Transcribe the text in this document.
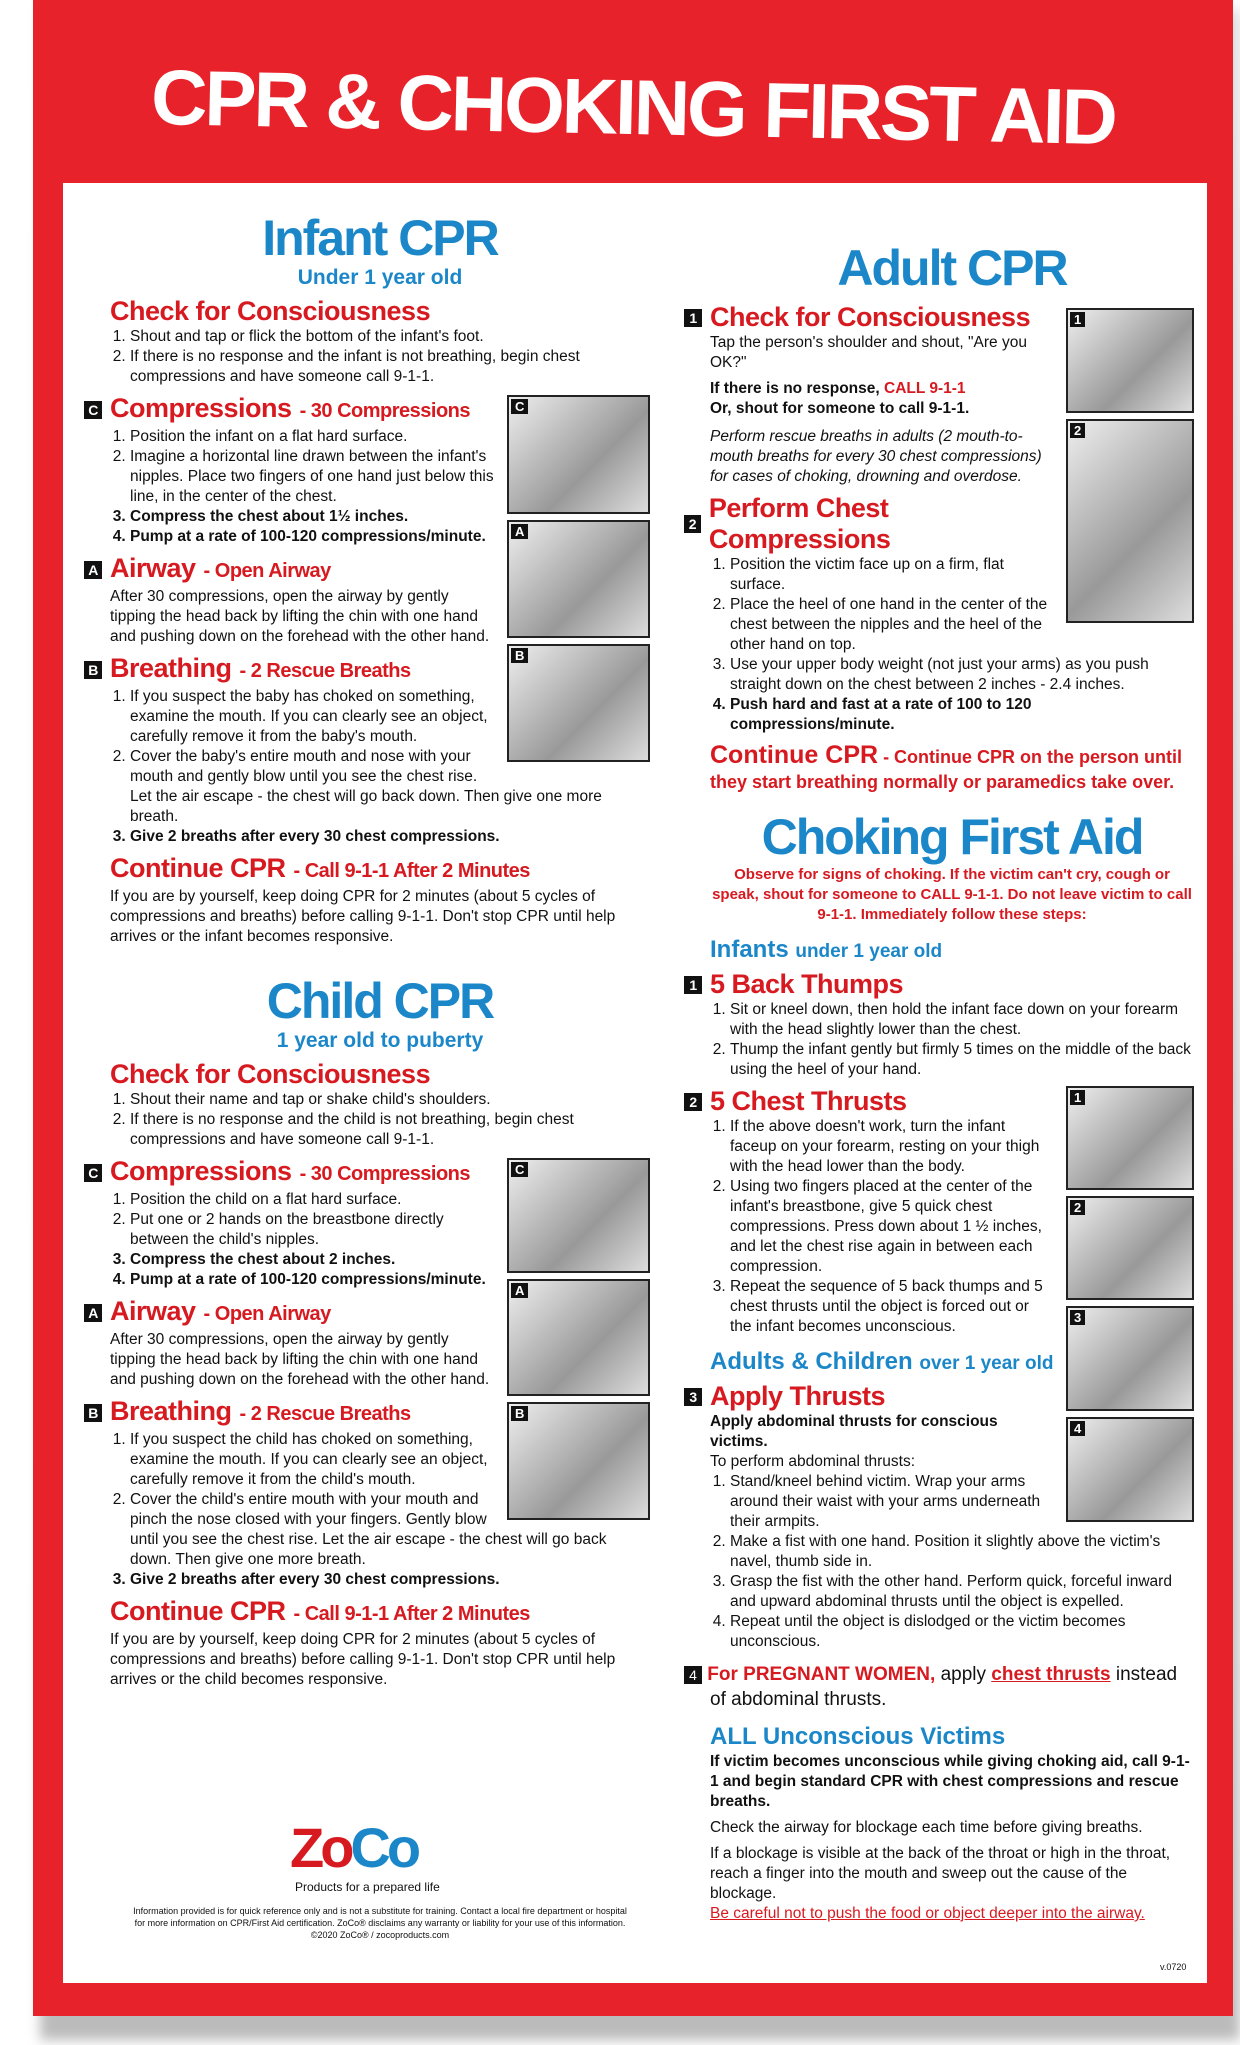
CPR & CHOKING FIRST AID
Infant CPR
Under 1 year old
Check for Consciousness
1. Shout and tap or flick the bottom of the infant's foot.
2. If there is no response and the infant is not breathing, begin chest compressions and have someone call 9-1-1.
C
A
B
C Compressions - 30 Compressions
1. Position the infant on a flat hard surface.
2. Imagine a horizontal line drawn between the infant's nipples. Place two fingers of one hand just below this line, in the center of the chest.
3. Compress the chest about 1½ inches.
4. Pump at a rate of 100-120 compressions/minute.
A Airway - Open Airway

After 30 compressions, open the airway by gently tipping the head back by lifting the chin with one hand and pushing down on the forehead with the other hand.

B Breathing - 2 Rescue Breaths
1. If you suspect the baby has choked on something, examine the mouth. If you can clearly see an object, carefully remove it from the baby's mouth.
2. Cover the baby's entire mouth and nose with your mouth and gently blow until you see the chest rise. Let the air escape - the chest will go back down. Then give one more breath.
3. Give 2 breaths after every 30 chest compressions.
Continue CPR - Call 9-1-1 After 2 Minutes

If you are by yourself, keep doing CPR for 2 minutes (about 5 cycles of compressions and breaths) before calling 9-1-1. Don't stop CPR until help arrives or the infant becomes responsive.

Child CPR
1 year old to puberty
Check for Consciousness
1. Shout their name and tap or shake child's shoulders.
2. If there is no response and the child is not breathing, begin chest compressions and have someone call 9-1-1.
C
A
B
C Compressions - 30 Compressions
1. Position the child on a flat hard surface.
2. Put one or 2 hands on the breastbone directly between the child's nipples.
3. Compress the chest about 2 inches.
4. Pump at a rate of 100-120 compressions/minute.
A Airway - Open Airway

After 30 compressions, open the airway by gently tipping the head back by lifting the chin with one hand and pushing down on the forehead with the other hand.

B Breathing - 2 Rescue Breaths
1. If you suspect the child has choked on something, examine the mouth. If you can clearly see an object, carefully remove it from the child's mouth.
2. Cover the child's entire mouth with your mouth and pinch the nose closed with your fingers. Gently blow until you see the chest rise. Let the air escape - the chest will go back down. Then give one more breath.
3. Give 2 breaths after every 30 chest compressions.
Continue CPR - Call 9-1-1 After 2 Minutes

If you are by yourself, keep doing CPR for 2 minutes (about 5 cycles of compressions and breaths) before calling 9-1-1. Don't stop CPR until help arrives or the child becomes responsive.

Adult CPR
1
2
1 Check for Consciousness

Tap the person's shoulder and shout, "Are you OK?"

If there is no response, CALL 9-1-1

Or, shout for someone to call 9-1-1.

Perform rescue breaths in adults (2 mouth-to-mouth breaths for every 30 chest compressions) for cases of choking, drowning and overdose.

2
Perform Chest Compressions
1. Position the victim face up on a firm, flat surface.
2. Place the heel of one hand in the center of the chest between the nipples and the heel of the other hand on top.
3. Use your upper body weight (not just your arms) as you push straight down on the chest between 2 inches - 2.4 inches.
4. Push hard and fast at a rate of 100 to 120 compressions/minute.

Continue CPR - Continue CPR on the person until they start breathing normally or paramedics take over.

Choking First Aid

Observe for signs of choking. If the victim can't cry, cough or speak, shout for someone to CALL 9-1-1. Do not leave victim to call 9-1-1. Immediately follow these steps:

Infants under 1 year old
1 5 Back Thumps
1. Sit or kneel down, then hold the infant face down on your forearm with the head slightly lower than the chest.
2. Thump the infant gently but firmly 5 times on the middle of the back using the heel of your hand.
1
2
3
4
2 5 Chest Thrusts
1. If the above doesn't work, turn the infant faceup on your forearm, resting on your thigh with the head lower than the body.
2. Using two fingers placed at the center of the infant's breastbone, give 5 quick chest compressions. Press down about 1 ½ inches, and let the chest rise again in between each compression.
3. Repeat the sequence of 5 back thumps and 5 chest thrusts until the object is forced out or the infant becomes unconscious.
Adults & Children over 1 year old
3 Apply Thrusts

Apply abdominal thrusts for conscious victims.

To perform abdominal thrusts:

1. Stand/kneel behind victim. Wrap your arms around their waist with your arms underneath their armpits.
2. Make a fist with one hand. Position it slightly above the victim's navel, thumb side in.
3. Grasp the fist with the other hand. Perform quick, forceful inward and upward abdominal thrusts until the object is expelled.
4. Repeat until the object is dislodged or the victim becomes unconscious.

4 For PREGNANT WOMEN, apply chest thrusts instead of abdominal thrusts.

ALL Unconscious Victims

If victim becomes unconscious while giving choking aid, call 9-1-1 and begin standard CPR with chest compressions and rescue breaths.

Check the airway for blockage each time before giving breaths.

If a blockage is visible at the back of the throat or high in the throat, reach a finger into the mouth and sweep out the cause of the blockage.

Be careful not to push the food or object deeper into the airway.

ZoCo
Products for a prepared life
Information provided is for quick reference only and is not a substitute for training. Contact a local fire department or hospital for more information on CPR/First Aid certification. ZoCo® disclaims any warranty or liability for your use of this information. ©2020 ZoCo® / zocoproducts.com
v.0720
